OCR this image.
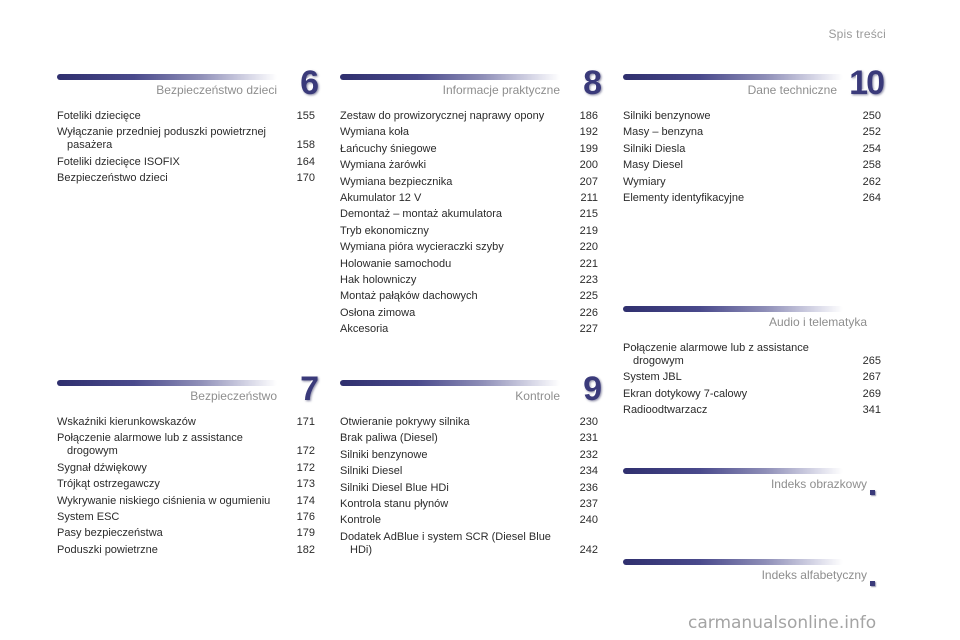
Spis treści
Bezpieczeństwo dzieci 6
Foteliki dziecięce	155
Wyłączanie przedniej poduszki powietrznej pasażera	158
Foteliki dziecięce ISOFIX	164
Bezpieczeństwo dzieci	170
Bezpieczeństwo 7
Wskaźniki kierunkowskazów	171
Połączenie alarmowe lub z assistance drogowym	172
Sygnał dźwiękowy	172
Trójkąt ostrzegawczy	173
Wykrywanie niskiego ciśnienia w ogumieniu 174
System ESC	176
Pasy bezpieczeństwa	179
Poduszki powietrzne	182
Informacje praktyczne 8
Zestaw do prowizorycznej naprawy opony	186
Wymiana koła	192
Łańcuchy śniegowe	199
Wymiana żarówki	200
Wymiana bezpiecznika	207
Akumulator 12 V	211
Demontaż – montaż akumulatora	215
Tryb ekonomiczny	219
Wymiana pióra wycieraczki szyby	220
Holowanie samochodu	221
Hak holowniczy	223
Montaż pałąków dachowych	225
Osłona zimowa	226
Akcesoria	227
Kontrole 9
Otwieranie pokrywy silnika	230
Brak paliwa (Diesel)	231
Silniki benzynowe	232
Silniki Diesel	234
Silniki Diesel Blue HDi	236
Kontrola stanu płynów	237
Kontrole	240
Dodatek AdBlue i system SCR (Diesel Blue HDi)	242
Dane techniczne 10
Silniki benzynowe	250
Masy – benzyna	252
Silniki Diesla	254
Masy Diesel	258
Wymiary	262
Elementy identyfikacyjne	264
Audio i telematyka
Połączenie alarmowe lub z assistance drogowym	265
System JBL	267
Ekran dotykowy 7-calowy	269
Radioodtwarzacz	341
Indeks obrazkowy
Indeks alfabetyczny
carmanualsonline.info
